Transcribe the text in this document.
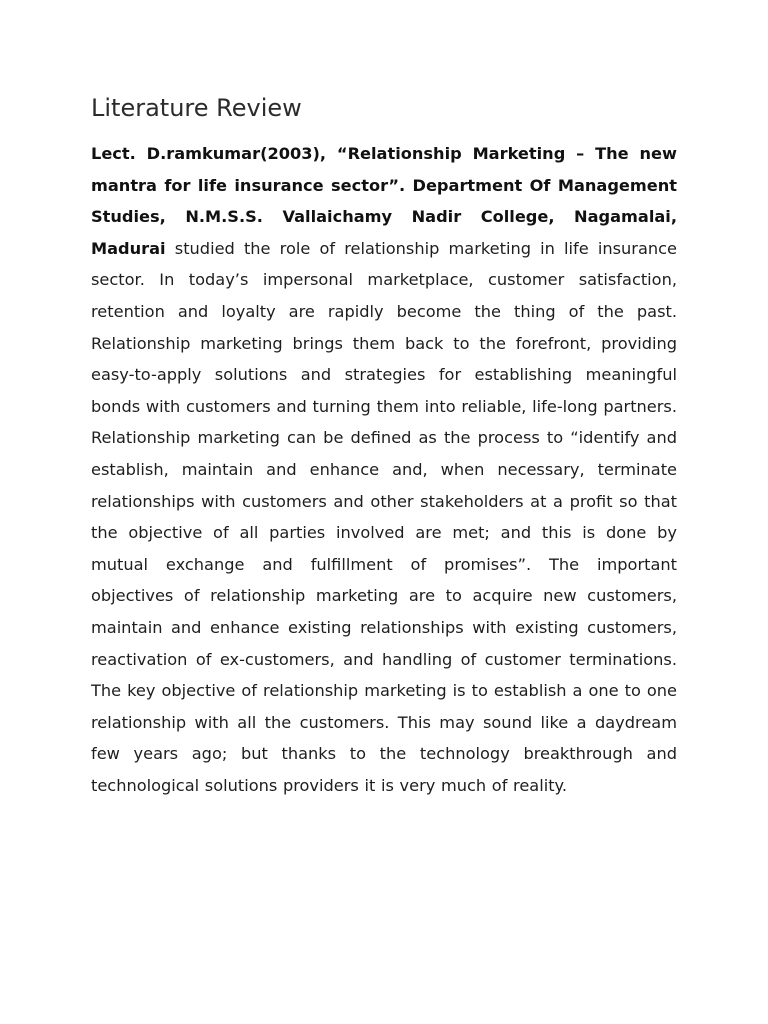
Literature Review

Lect. D.ramkumar(2003), “Relationship Marketing – The new mantra for life insurance sector”. Department Of Management Studies, N.M.S.S. Vallaichamy Nadir College, Nagamalai, Madurai studied the role of relationship marketing in life insurance sector. In today’s impersonal marketplace, customer satisfaction, retention and loyalty are rapidly become the thing of the past. Relationship marketing brings them back to the forefront, providing easy-to-apply solutions and strategies for establishing meaningful bonds with customers and turning them into reliable, life-long partners. Relationship marketing can be defined as the process to “identify and establish, maintain and enhance and, when necessary, terminate relationships with customers and other stakeholders at a profit so that the objective of all parties involved are met; and this is done by mutual exchange and fulfillment of promises”. The important objectives of relationship marketing are to acquire new customers, maintain and enhance existing relationships with existing customers, reactivation of ex-customers, and handling of customer terminations. The key objective of relationship marketing is to establish a one to one relationship with all the customers. This may sound like a daydream few years ago; but thanks to the technology breakthrough and technological solutions providers it is very much of reality.
